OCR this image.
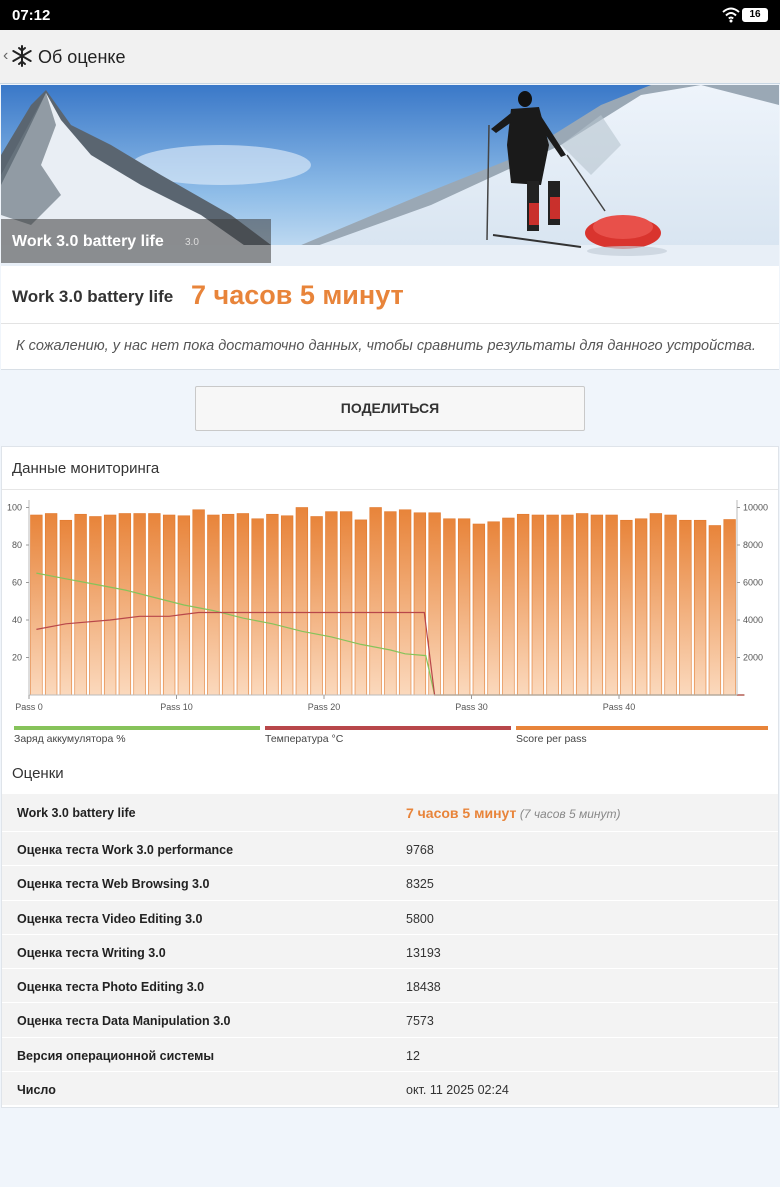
07:12	16
‹ Об оценке
Work 3.0 battery life 3.0
Work 3.0 battery life 7 часов 5 минут
К сожалению, у нас нет пока достаточно данных, чтобы сравнить результаты для данного устройства.
ПОДЕЛИТЬСЯ
Данные мониторинга
20
40
60
80
100
2000
4000
6000
8000
10000
Pass 0	Pass 10	Pass 20	Pass 30	Pass 40
Заряд аккумулятора %	Температура °C	Score per pass
Оценки
Work 3.0 battery life	7 часов 5 минут (7 часов 5 минут)
Оценка теста Work 3.0 performance	9768
Оценка теста Web Browsing 3.0	8325
Оценка теста Video Editing 3.0	5800
Оценка теста Writing 3.0	13193
Оценка теста Photo Editing 3.0	18438
Оценка теста Data Manipulation 3.0	7573
Версия операционной системы	12
Число	окт. 11 2025 02:24
